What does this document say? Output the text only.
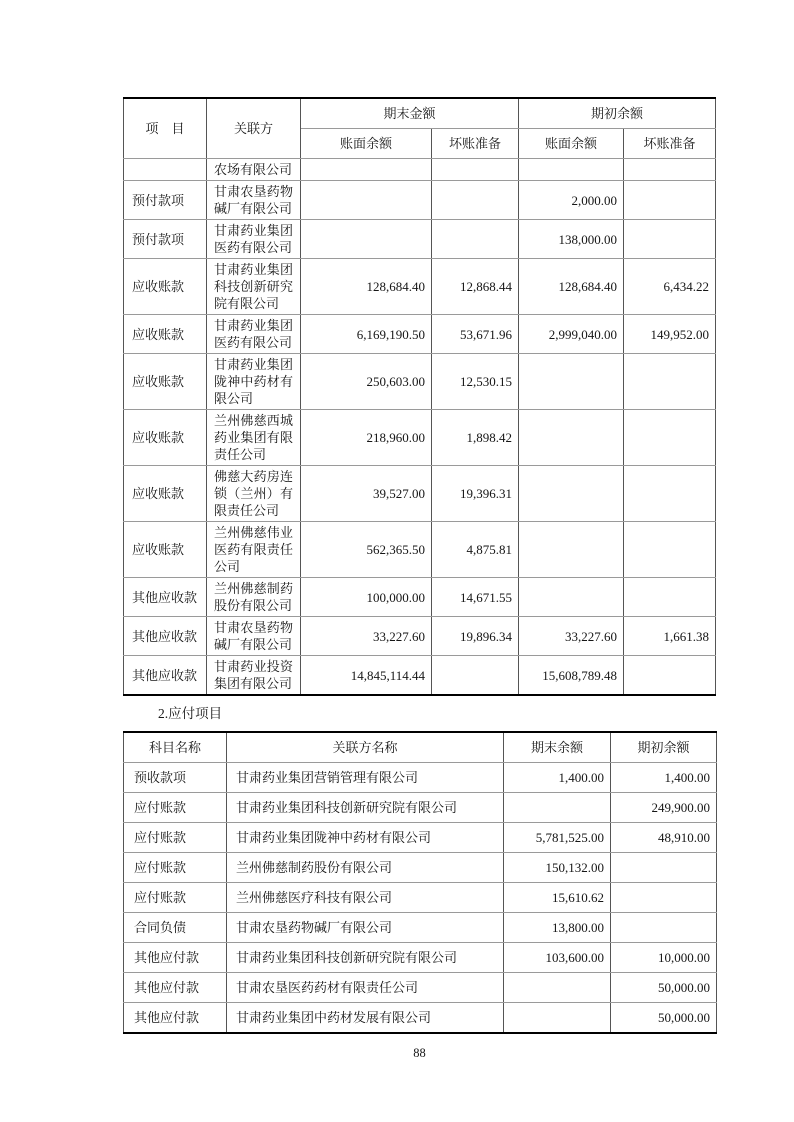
项　目	关联方	期末金额		期初余额	
		账面余额	坏账准备	账面余额	坏账准备
	农场有限公司				
预付款项	甘肃农垦药物碱厂有限公司			2,000.00	
预付款项	甘肃药业集团医药有限公司			138,000.00	
应收账款	甘肃药业集团科技创新研究院有限公司	128,684.40	12,868.44	128,684.40	6,434.22
应收账款	甘肃药业集团医药有限公司	6,169,190.50	53,671.96	2,999,040.00	149,952.00
应收账款	甘肃药业集团陇神中药材有限公司	250,603.00	12,530.15		
应收账款	兰州佛慈西城药业集团有限责任公司	218,960.00	1,898.42		
应收账款	佛慈大药房连锁（兰州）有限责任公司	39,527.00	19,396.31		
应收账款	兰州佛慈伟业医药有限责任公司	562,365.50	4,875.81		
其他应收款	兰州佛慈制药股份有限公司	100,000.00	14,671.55		
其他应收款	甘肃农垦药物碱厂有限公司	33,227.60	19,896.34	33,227.60	1,661.38
其他应收款	甘肃药业投资集团有限公司	14,845,114.44		15,608,789.48	
2.应付项目
科目名称	关联方名称	期末余额	期初余额
预收款项	甘肃药业集团营销管理有限公司	1,400.00	1,400.00
应付账款	甘肃药业集团科技创新研究院有限公司		249,900.00
应付账款	甘肃药业集团陇神中药材有限公司	5,781,525.00	48,910.00
应付账款	兰州佛慈制药股份有限公司	150,132.00	
应付账款	兰州佛慈医疗科技有限公司	15,610.62	
合同负债	甘肃农垦药物碱厂有限公司	13,800.00	
其他应付款	甘肃药业集团科技创新研究院有限公司	103,600.00	10,000.00
其他应付款	甘肃农垦医药药材有限责任公司		50,000.00
其他应付款	甘肃药业集团中药材发展有限公司		50,000.00
88
